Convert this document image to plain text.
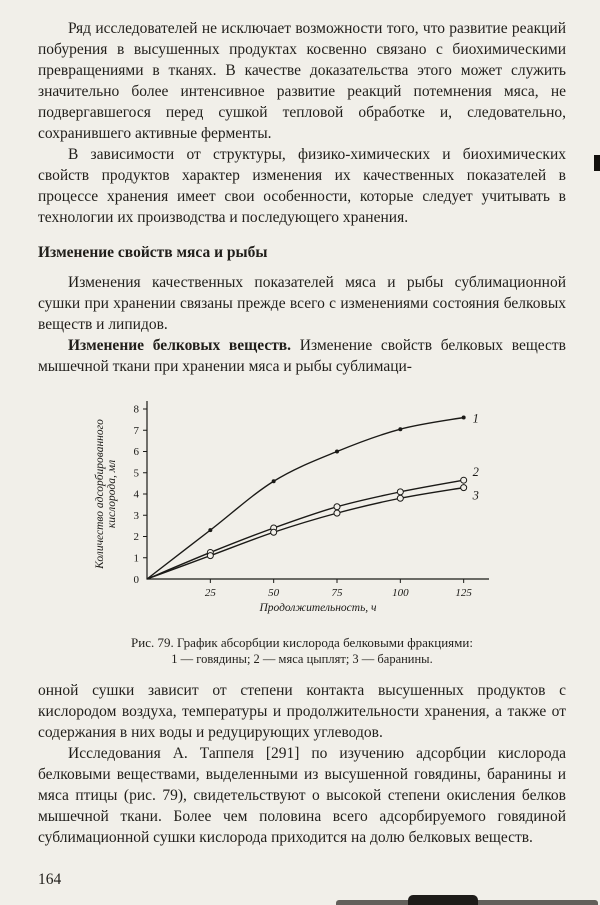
Ряд исследователей не исключает возможности того, что развитие реакций побурения в высушенных продуктах косвенно связано с биохимическими превращениями в тканях. В качестве доказательства этого может служить значительно более интенсивное развитие реакций потемнения мяса, не подвергавшегося перед сушкой тепловой обработке и, следовательно, сохранившего активные ферменты.

В зависимости от структуры, физико-химических и биохимических свойств продуктов характер изменения их качественных показателей в процессе хранения имеет свои особенности, которые следует учитывать в технологии их производства и последующего хранения.

Изменение свойств мяса и рыбы

Изменения качественных показателей мяса и рыбы сублимационной сушки при хранении связаны прежде всего с изменениями состояния белковых веществ и липидов.

Изменение белковых веществ. Изменение свойств белковых веществ мышечной ткани при хранении мяса и рыбы сублимаци-

1
2
3
4
5
6
7
8
0
25	50	75	100	125
Продолжительность, ч
Количество адсорбированногокислорода, мл
1
2
3
Рис. 79. График абсорбции кислорода белковыми фракциями:
1 — говядины; 2 — мяса цыплят; 3 — баранины.

онной сушки зависит от степени контакта высушенных продуктов с кислородом воздуха, температуры и продолжительности хранения, а также от содержания в них воды и редуцирующих углеводов.

Исследования А. Таппеля [291] по изучению адсорбции кислорода белковыми веществами, выделенными из высушенной говядины, баранины и мяса птицы (рис. 79), свидетельствуют о высокой степени окисления белков мышечной ткани. Более чем половина всего адсорбируемого говядиной сублимационной сушки кислорода приходится на долю белковых веществ.

164
